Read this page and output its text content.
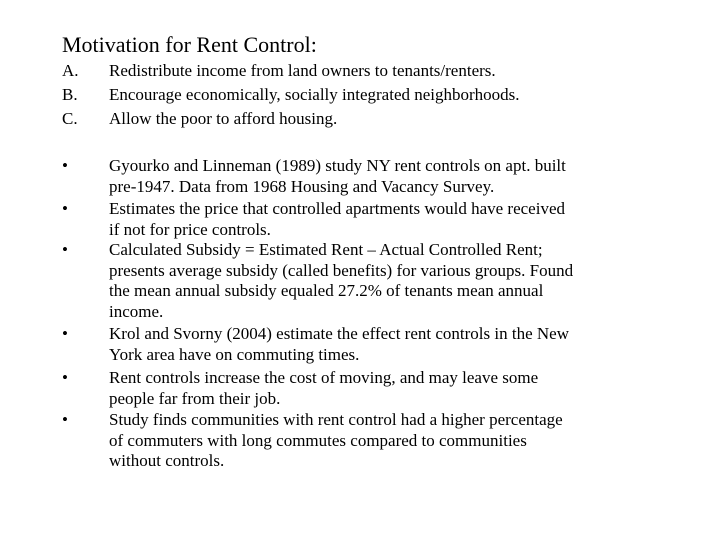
Motivation for Rent Control:
A. Redistribute income from land owners to tenants/renters.
B. Encourage economically, socially integrated neighborhoods.
C. Allow the poor to afford housing.
• Gyourko and Linneman (1989) study NY rent controls on apt. built
pre-1947. Data from 1968 Housing and Vacancy Survey.
• Estimates the price that controlled apartments would have received
if not for price controls.
• Calculated Subsidy = Estimated Rent – Actual Controlled Rent;
presents average subsidy (called benefits) for various groups. Found
the mean annual subsidy equaled 27.2% of tenants mean annual
income.
• Krol and Svorny (2004) estimate the effect rent controls in the New
York area have on commuting times.
• Rent controls increase the cost of moving, and may leave some
people far from their job.
• Study finds communities with rent control had a higher percentage
of commuters with long commutes compared to communities
without controls.
